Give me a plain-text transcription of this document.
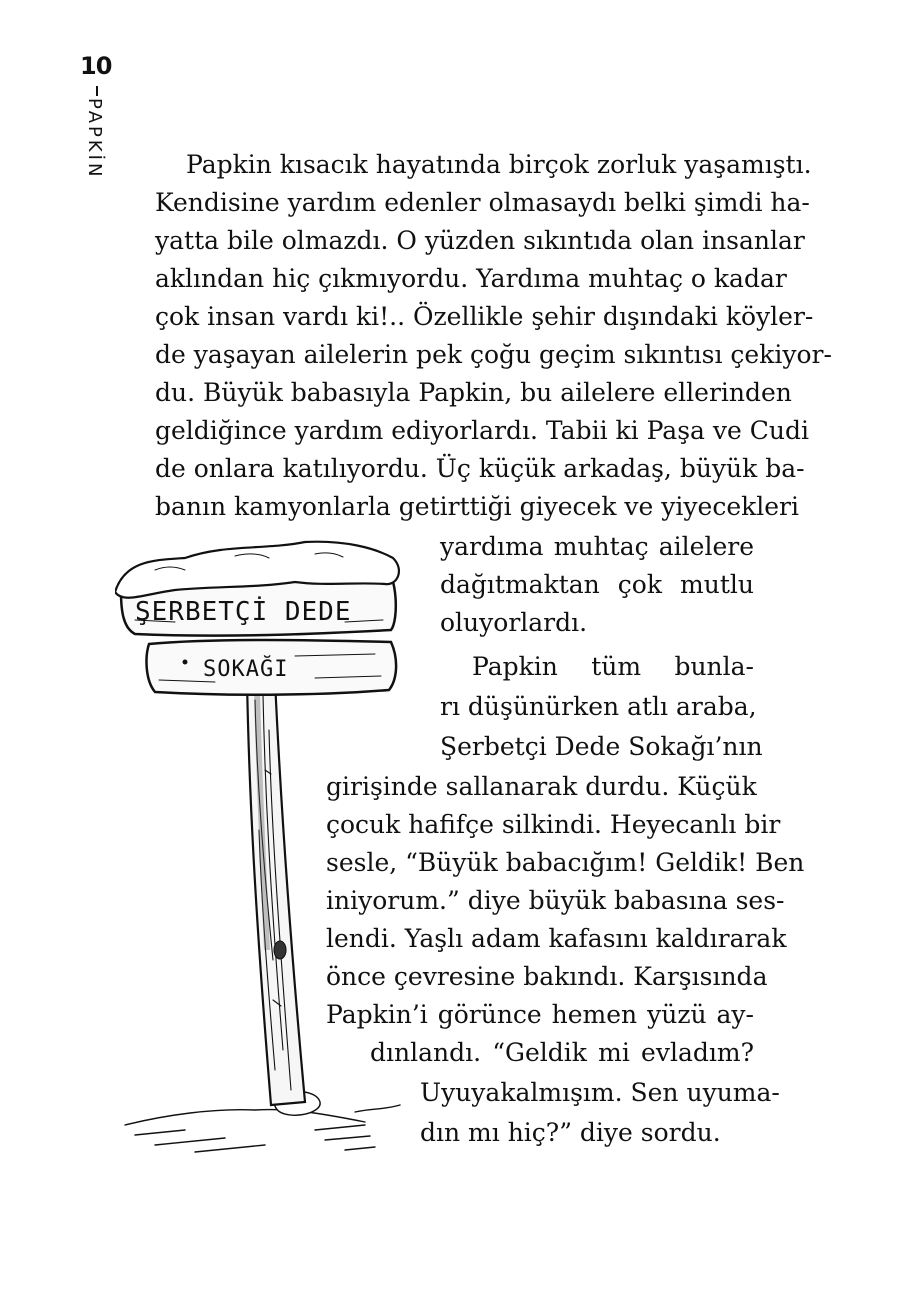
10
PAPKİN	Papkin kısacık hayatında birçok zorluk yaşamıştı.

Kendisine yardım edenler olmasaydı belki şimdi ha-

yatta bile olmazdı. O yüzden sıkıntıda olan insanlar

aklından hiç çıkmıyordu. Yardıma muhtaç o kadar

çok insan vardı ki!.. Özellikle şehir dışındaki köyler-

de yaşayan ailelerin pek çoğu geçim sıkıntısı çekiyor-

du. Büyük babasıyla Papkin, bu ailelere ellerinden

geldiğince yardım ediyorlardı. Tabii ki Paşa ve Cudi

de onlara katılıyordu. Üç küçük arkadaş, büyük ba-

banın kamyonlarla getirttiği giyecek ve yiyecekleri

yardıma muhtaç ailelere

dağıtmaktan çok mutlu

oluyorlardı.

Papkin tüm bunla-

rı düşünürken atlı araba,

Şerbetçi Dede Sokağı’nın

girişinde sallanarak durdu. Küçük

çocuk hafifçe silkindi. Heyecanlı bir

sesle, “Büyük babacığım! Geldik! Ben

iniyorum.” diye büyük babasına ses-

lendi. Yaşlı adam kafasını kaldırarak

önce çevresine bakındı. Karşısında

Papkin’i görünce hemen yüzü ay-

dınlandı. “Geldik mi evladım?

Uyuyakalmışım. Sen uyuma-

dın mı hiç?” diye sordu.

ŞERBETÇİ DEDE
SOKAĞI
